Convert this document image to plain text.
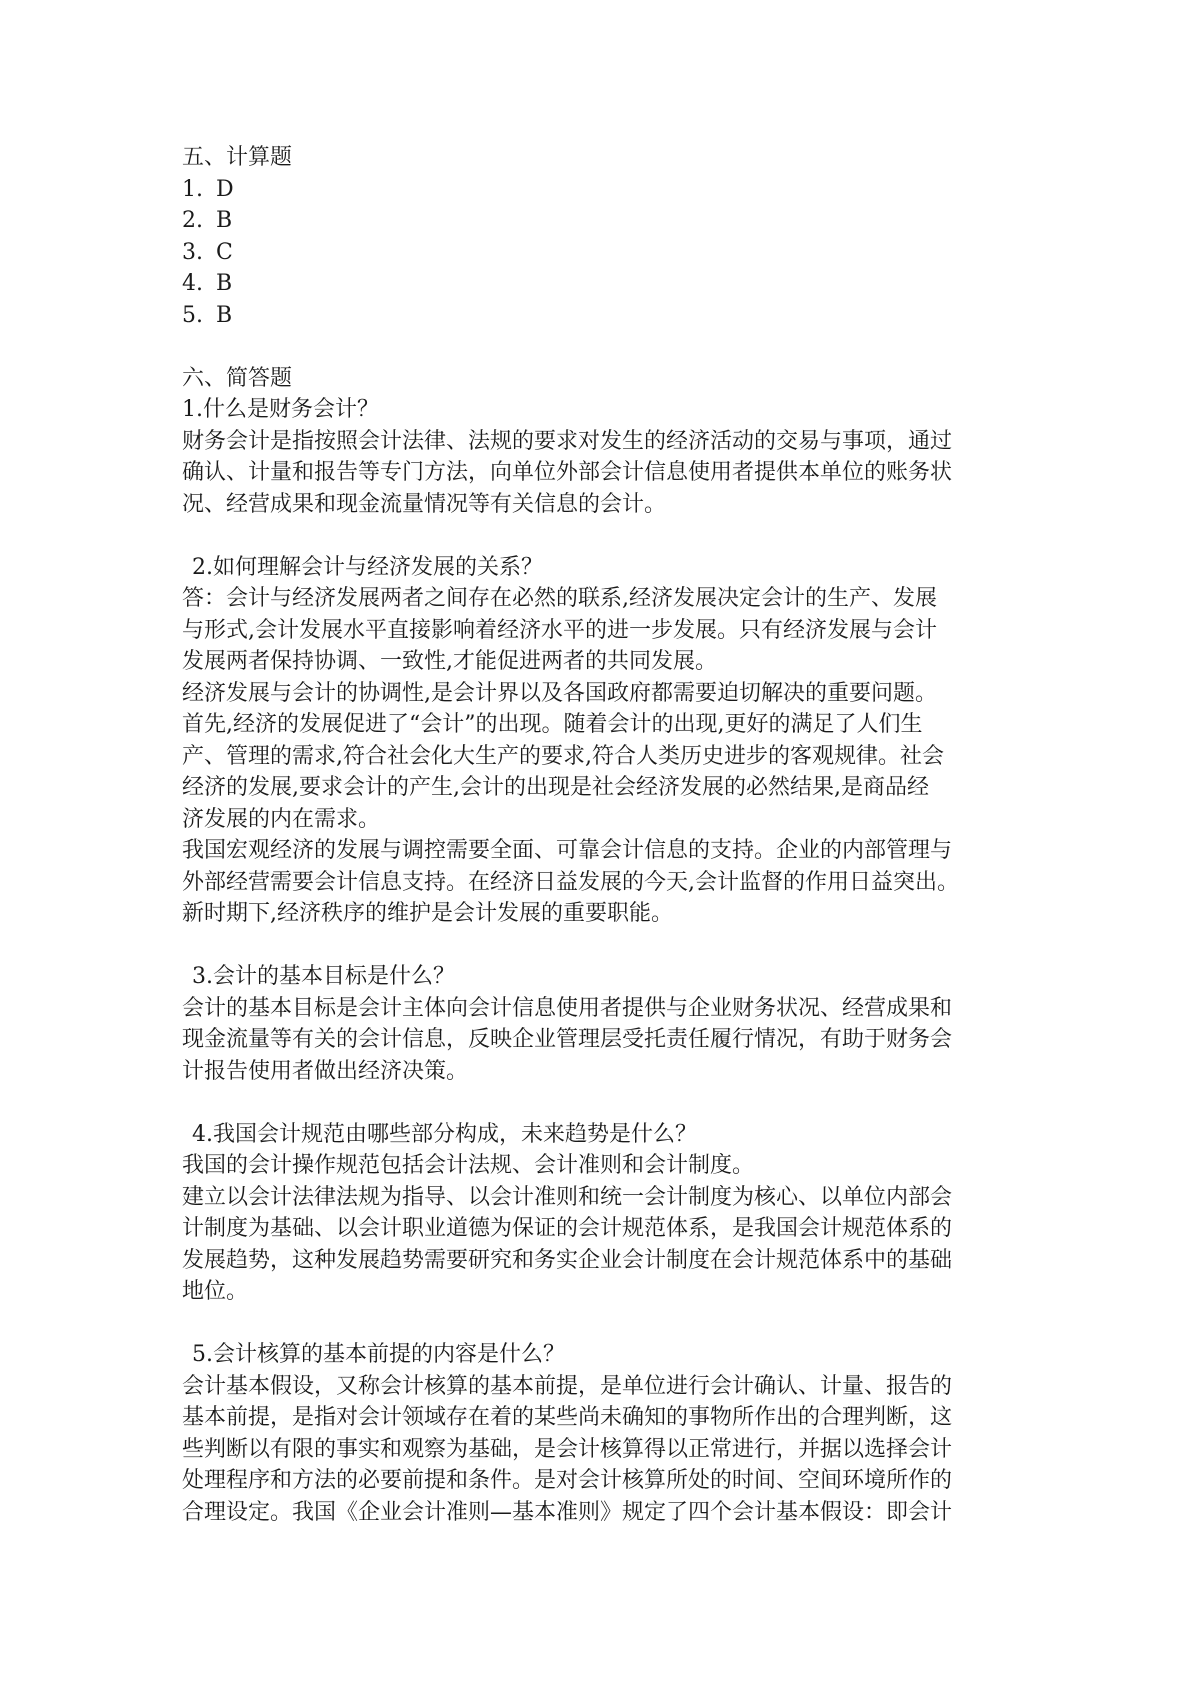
五、计算题

1. D

2. B

3. C

4. B

5. B

六、简答题

1.什么是财务会计？

财务会计是指按照会计法律、法规的要求对发生的经济活动的交易与事项，通过

确认、计量和报告等专门方法，向单位外部会计信息使用者提供本单位的账务状

况、经营成果和现金流量情况等有关信息的会计。

2.如何理解会计与经济发展的关系？

答：会计与经济发展两者之间存在必然的联系,经济发展决定会计的生产、发展

与形式,会计发展水平直接影响着经济水平的进一步发展。只有经济发展与会计

发展两者保持协调、一致性,才能促进两者的共同发展。

经济发展与会计的协调性,是会计界以及各国政府都需要迫切解决的重要问题。

首先,经济的发展促进了“会计”的出现。随着会计的出现,更好的满足了人们生

产、管理的需求,符合社会化大生产的要求,符合人类历史进步的客观规律。社会

经济的发展,要求会计的产生,会计的出现是社会经济发展的必然结果,是商品经

济发展的内在需求。

我国宏观经济的发展与调控需要全面、可靠会计信息的支持。企业的内部管理与

外部经营需要会计信息支持。在经济日益发展的今天,会计监督的作用日益突出。

新时期下,经济秩序的维护是会计发展的重要职能。

3.会计的基本目标是什么？

会计的基本目标是会计主体向会计信息使用者提供与企业财务状况、经营成果和

现金流量等有关的会计信息，反映企业管理层受托责任履行情况，有助于财务会

计报告使用者做出经济决策。

4.我国会计规范由哪些部分构成，未来趋势是什么？

我国的会计操作规范包括会计法规、会计准则和会计制度。

建立以会计法律法规为指导、以会计准则和统一会计制度为核心、以单位内部会

计制度为基础、以会计职业道德为保证的会计规范体系，是我国会计规范体系的

发展趋势，这种发展趋势需要研究和务实企业会计制度在会计规范体系中的基础

地位。

5.会计核算的基本前提的内容是什么？

会计基本假设，又称会计核算的基本前提，是单位进行会计确认、计量、报告的

基本前提，是指对会计领域存在着的某些尚未确知的事物所作出的合理判断，这

些判断以有限的事实和观察为基础，是会计核算得以正常进行，并据以选择会计

处理程序和方法的必要前提和条件。是对会计核算所处的时间、空间环境所作的

合理设定。我国《企业会计准则—基本准则》规定了四个会计基本假设：即会计
